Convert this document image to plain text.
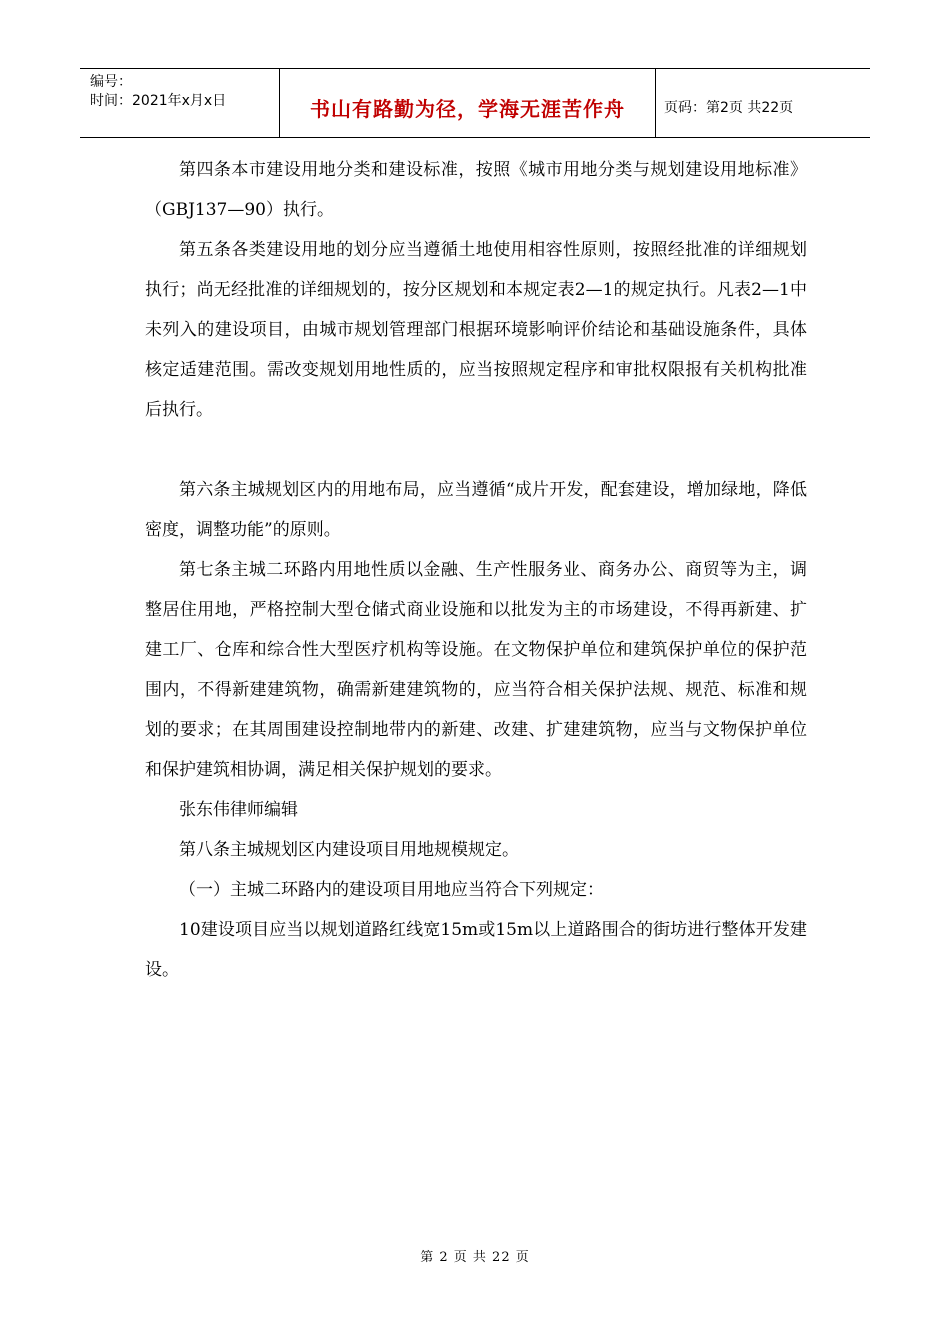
编号：
时间：2021年x月x日	书山有路勤为径，学海无涯苦作舟	页码：第2页 共22页

第四条本市建设用地分类和建设标准，按照《城市用地分类与规划建设用地标准》（GBJ137—90）执行。

第五条各类建设用地的划分应当遵循土地使用相容性原则，按照经批准的详细规划执行；尚无经批准的详细规划的，按分区规划和本规定表2—1的规定执行。凡表2—1中未列入的建设项目，由城市规划管理部门根据环境影响评价结论和基础设施条件，具体核定适建范围。需改变规划用地性质的，应当按照规定程序和审批权限报有关机构批准后执行。

第六条主城规划区内的用地布局，应当遵循“成片开发，配套建设，增加绿地，降低密度，调整功能”的原则。

第七条主城二环路内用地性质以金融、生产性服务业、商务办公、商贸等为主，调整居住用地，严格控制大型仓储式商业设施和以批发为主的市场建设，不得再新建、扩建工厂、仓库和综合性大型医疗机构等设施。在文物保护单位和建筑保护单位的保护范围内，不得新建建筑物，确需新建建筑物的，应当符合相关保护法规、规范、标准和规划的要求；在其周围建设控制地带内的新建、改建、扩建建筑物，应当与文物保护单位和保护建筑相协调，满足相关保护规划的要求。

张东伟律师编辑

第八条主城规划区内建设项目用地规模规定。

（一）主城二环路内的建设项目用地应当符合下列规定：

10建设项目应当以规划道路红线宽15m或15m以上道路围合的街坊进行整体开发建设。

第 2 页 共 22 页
